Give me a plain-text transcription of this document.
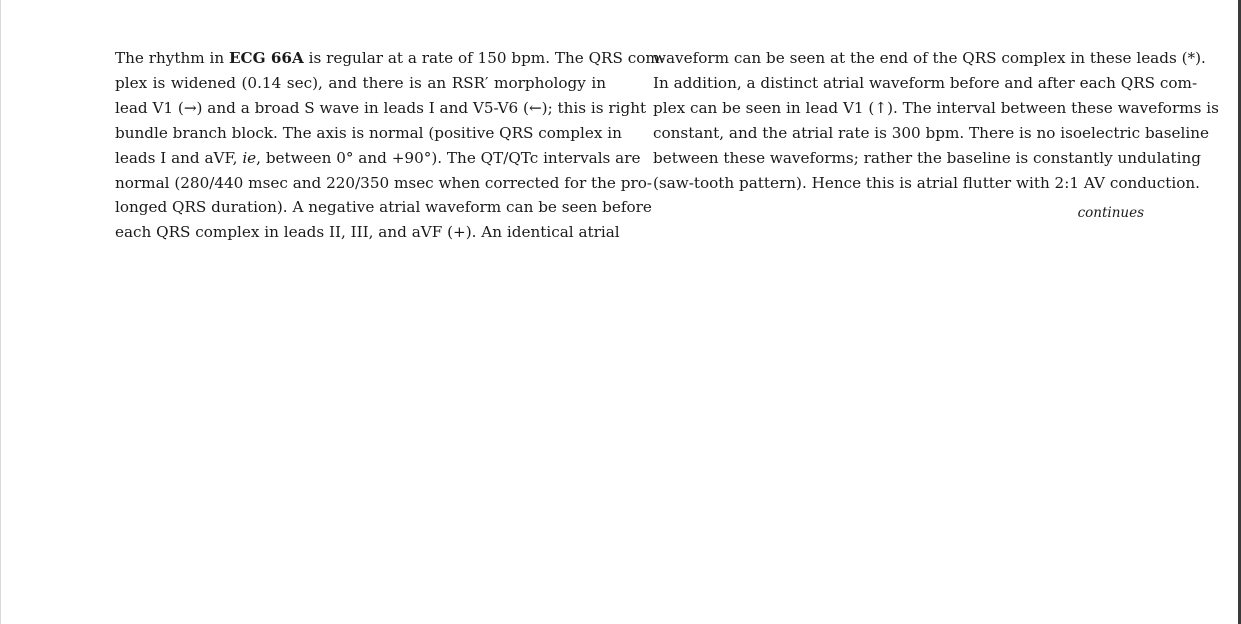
The rhythm in ECG 66A is regular at a rate of 150 bpm. The QRS com-
plex is widened (0.14 sec), and there is an RSR′ morphology in
lead V1 (→) and a broad S wave in leads I and V5-V6 (←); this is right
bundle branch block. The axis is normal (positive QRS complex in
leads I and aVF, ie, between 0° and +90°). The QT/QTc intervals are
normal (280/440 msec and 220/350 msec when corrected for the pro-
longed QRS duration). A negative atrial waveform can be seen before
each QRS complex in leads II, III, and aVF (+). An identical atrial
waveform can be seen at the end of the QRS complex in these leads (*).
In addition, a distinct atrial waveform before and after each QRS com-
plex can be seen in lead V1 (↑). The interval between these waveforms is
constant, and the atrial rate is 300 bpm. There is no isoelectric baseline
between these waveforms; rather the baseline is constantly undulating
(saw-tooth pattern). Hence this is atrial flutter with 2:1 AV conduction.
continues
